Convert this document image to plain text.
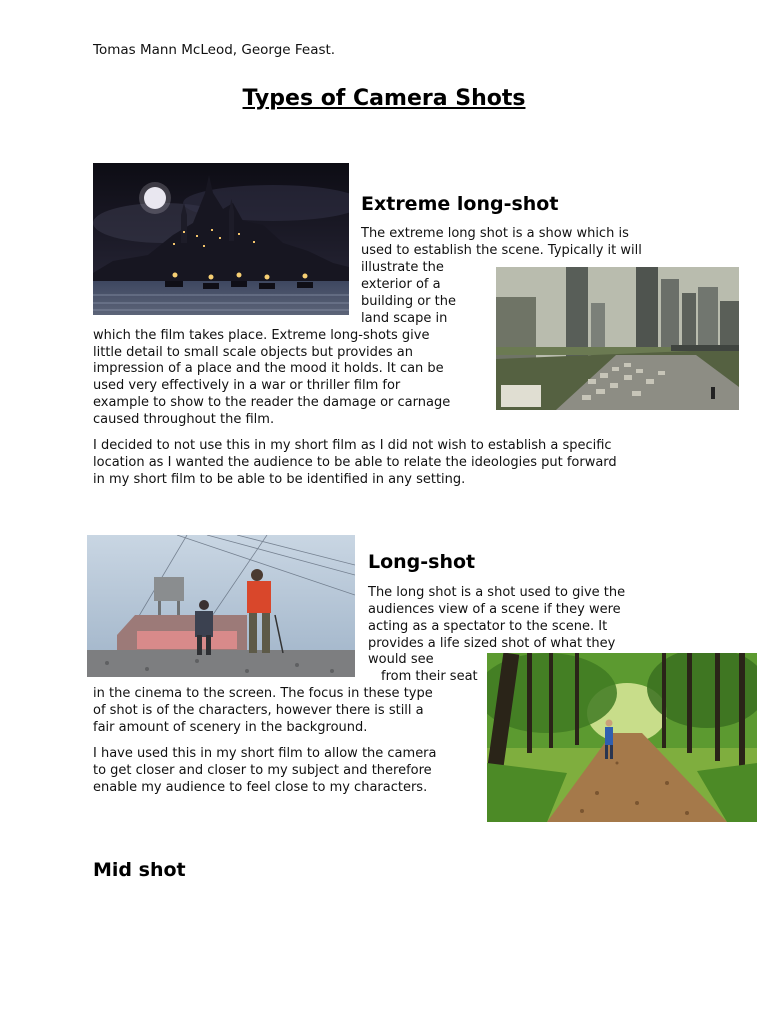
Tomas Mann McLeod, George Feast.
Types of Camera Shots
Extreme long-shot
The extreme long shot is a show which is
used to establish the scene. Typically it will
illustrate the
exterior of a
building or the
land scape in
which the film takes place. Extreme long-shots give
little detail to small scale objects but provides an
impression of a place and the mood it holds. It can be
used very effectively in a war or thriller film for
example to show to the reader the damage or carnage
caused throughout the film.
I decided to not use this in my short film as I did not wish to establish a specific
location as I wanted the audience to be able to relate the ideologies put forward
in my short film to be able to be identified in any setting.
Long-shot
The long shot is a shot used to give the
audiences view of a scene if they were
acting as a spectator to the scene. It
provides a life sized shot of what they
would see
from their seat
in the cinema to the screen. The focus in these type
of shot is of the characters, however there is still a
fair amount of scenery in the background.
I have used this in my short film to allow the camera
to get closer and closer to my subject and therefore
enable my audience to feel close to my characters.
Mid shot
